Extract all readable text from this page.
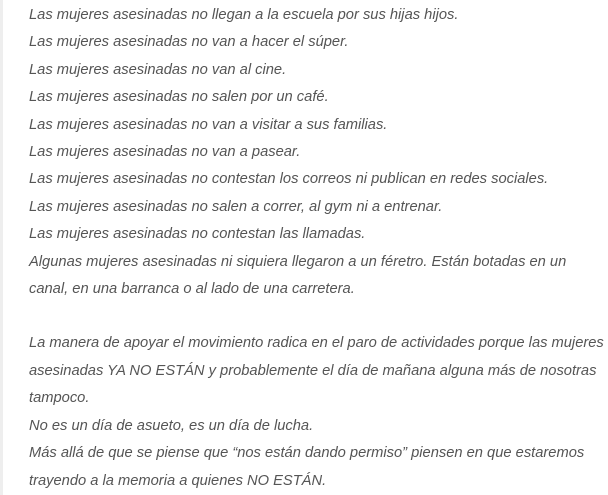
Las mujeres asesinadas no llegan a la escuela por sus hijas hijos.
Las mujeres asesinadas no van a hacer el súper.
Las mujeres asesinadas no van al cine.
Las mujeres asesinadas no salen por un café.
Las mujeres asesinadas no van a visitar a sus familias.
Las mujeres asesinadas no van a pasear.
Las mujeres asesinadas no contestan los correos ni publican en redes sociales.
Las mujeres asesinadas no salen a correr, al gym ni a entrenar.
Las mujeres asesinadas no contestan las llamadas.
Algunas mujeres asesinadas ni siquiera llegaron a un féretro. Están botadas en un
canal, en una barranca o al lado de una carretera.
La manera de apoyar el movimiento radica en el paro de actividades porque las mujeres
asesinadas YA NO ESTÁN y probablemente el día de mañana alguna más de nosotras
tampoco.
No es un día de asueto, es un día de lucha.
Más allá de que se piense que “nos están dando permiso” piensen en que estaremos
trayendo a la memoria a quienes NO ESTÁN.
